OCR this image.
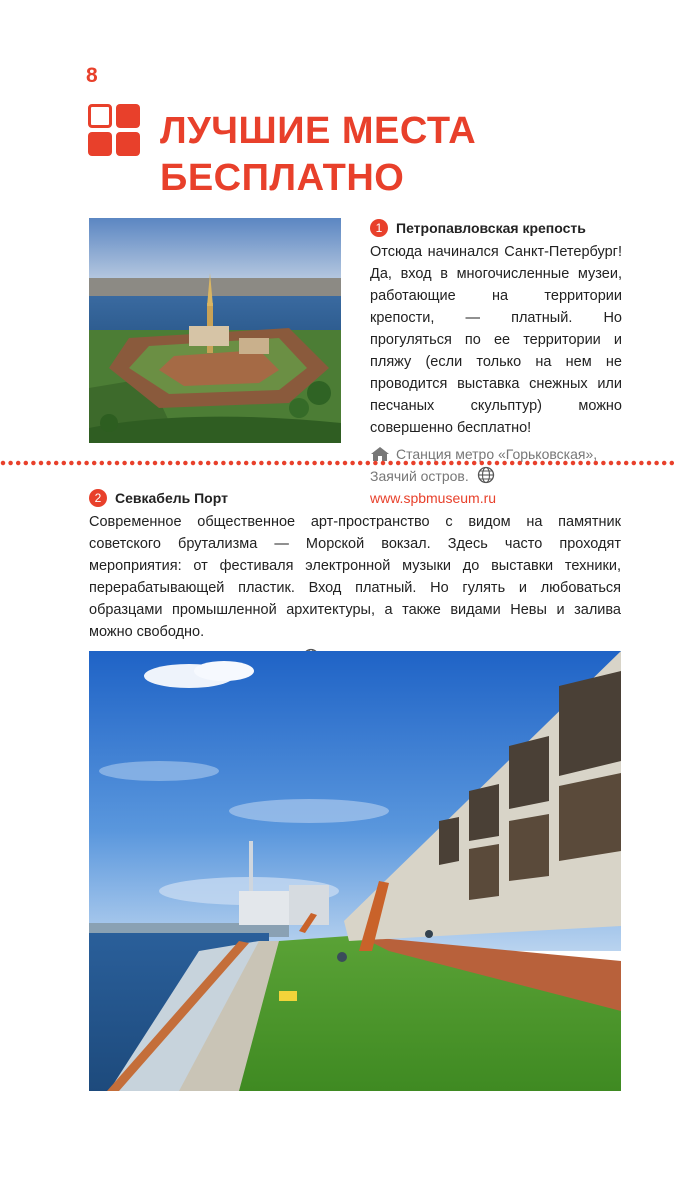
8
ЛУЧШИЕ МЕСТА
БЕСПЛАТНО
1 Петропавловская крепость
Отсюда начинался Санкт-Петербург! Да, вход в многочисленные музеи, работающие на территории крепости, — платный. Но прогуляться по ее территории и пляжу (если только на нем не проводится выставка снежных или песчаных скульптур) можно совершенно бесплатно!
Станция метро «Горьковская», Заячий остров. www.spbmuseum.ru
2 Севкабель Порт
Современное общественное арт-пространство с видом на памятник советского брутализма — Морской вокзал. Здесь часто проходят мероприятия: от фестиваля электронной музыки до выставки техники, перерабатывающей пластик. Вход платный. Но гулять и любоваться образцами промышленной архитектуры, а также видами Невы и залива можно свободно.
